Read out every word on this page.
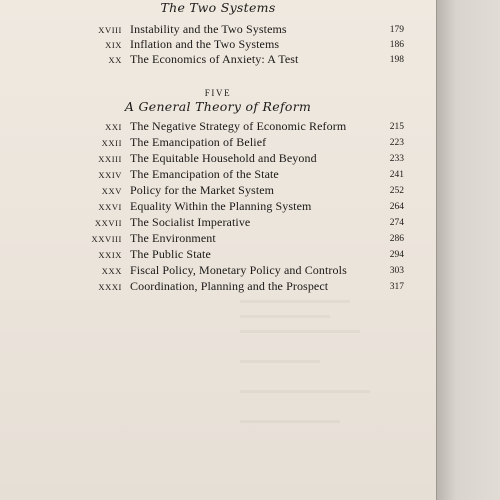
The Two Systems
XVIII Instability and the Two Systems	179
XIX Inflation and the Two Systems	186
XX The Economics of Anxiety: A Test	198
FIVE
A General Theory of Reform
XXI The Negative Strategy of Economic Reform	215
XXII The Emancipation of Belief	223
XXIII The Equitable Household and Beyond	233
XXIV The Emancipation of the State	241
XXV Policy for the Market System	252
XXVI Equality Within the Planning System	264
XXVII The Socialist Imperative	274
XXVIII The Environment	286
XXIX The Public State	294
XXX Fiscal Policy, Monetary Policy and Controls	303
XXXI Coordination, Planning and the Prospect	317
